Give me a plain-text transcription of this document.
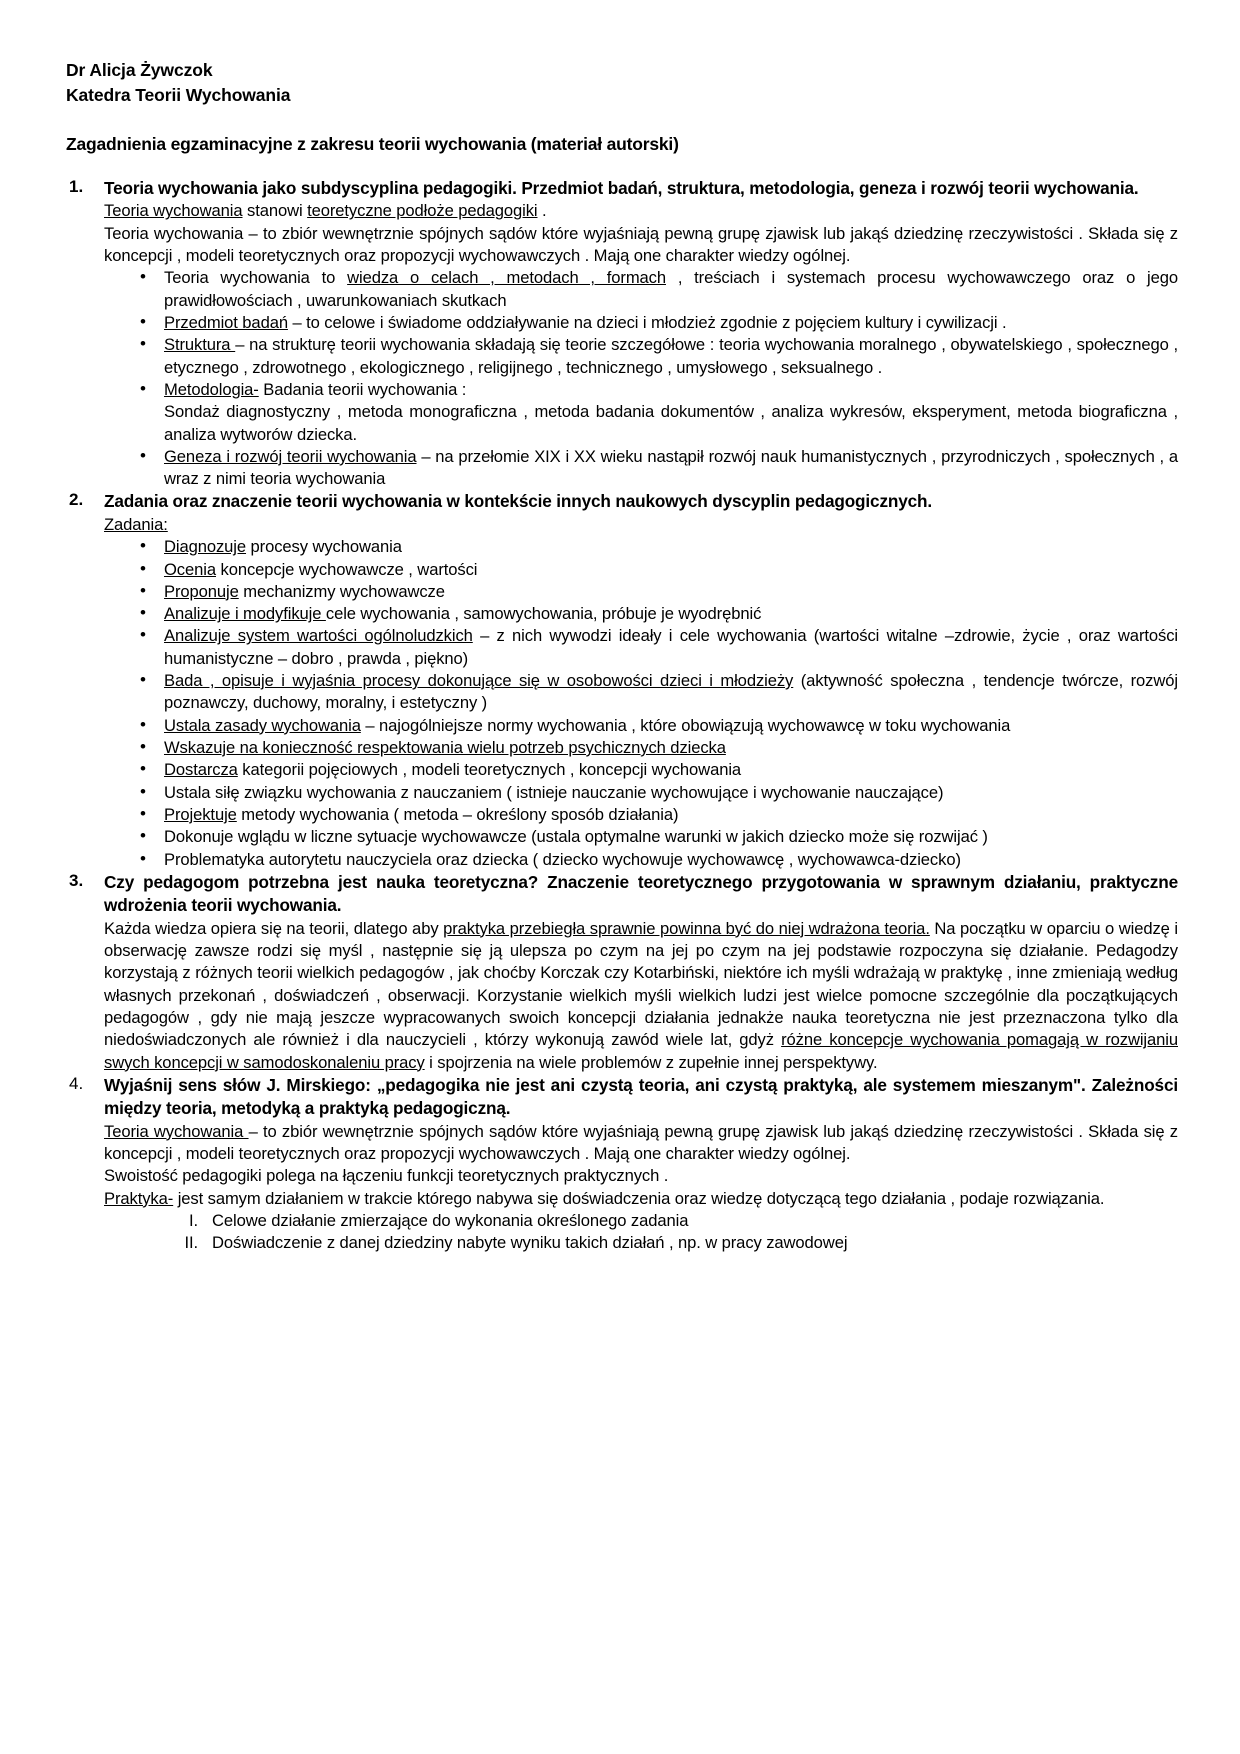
Dr Alicja Żywczok
Katedra Teorii Wychowania
Zagadnienia egzaminacyjne z zakresu teorii wychowania (materiał autorski)
1.	Teoria wychowania jako subdyscyplina pedagogiki. Przedmiot badań, struktura, metodologia, geneza i rozwój teorii wychowania.
Teoria wychowania stanowi teoretyczne podłoże pedagogiki .
Teoria wychowania – to zbiór wewnętrznie spójnych sądów które wyjaśniają pewną grupę zjawisk lub jakąś dziedzinę rzeczywistości . Składa się z koncepcji , modeli teoretycznych oraz propozycji wychowawczych . Mają one charakter wiedzy ogólnej.
• Teoria wychowania to wiedza o celach , metodach , formach , treściach i systemach procesu wychowawczego oraz o jego prawidłowościach , uwarunkowaniach skutkach
• Przedmiot badań – to celowe i świadome oddziaływanie na dzieci i młodzież zgodnie z pojęciem kultury i cywilizacji .
• Struktura – na strukturę teorii wychowania składają się teorie szczegółowe : teoria wychowania moralnego , obywatelskiego , społecznego , etycznego , zdrowotnego , ekologicznego , religijnego , technicznego , umysłowego , seksualnego .
• Metodologia- Badania teorii wychowania :
Sondaż diagnostyczny , metoda monograficzna , metoda badania dokumentów , analiza wykresów, eksperyment, metoda biograficzna , analiza wytworów dziecka.
• Geneza i rozwój teorii wychowania – na przełomie XIX i XX wieku nastąpił rozwój nauk humanistycznych , przyrodniczych , społecznych , a wraz z nimi teoria wychowania
2.	Zadania oraz znaczenie teorii wychowania w kontekście innych naukowych dyscyplin pedagogicznych.
Zadania:
• Diagnozuje procesy wychowania
• Ocenia koncepcje wychowawcze , wartości
• Proponuje mechanizmy wychowawcze
• Analizuje i modyfikuje cele wychowania , samowychowania, próbuje je wyodrębnić
• Analizuje system wartości ogólnoludzkich – z nich wywodzi ideały i cele wychowania (wartości witalne –zdrowie, życie , oraz wartości humanistyczne – dobro , prawda , piękno)
• Bada , opisuje i wyjaśnia procesy dokonujące się w osobowości dzieci i młodzieży (aktywność społeczna , tendencje twórcze, rozwój poznawczy, duchowy, moralny, i estetyczny )
• Ustala zasady wychowania – najogólniejsze normy wychowania , które obowiązują wychowawcę w toku wychowania
• Wskazuje na konieczność respektowania wielu potrzeb psychicznych dziecka
• Dostarcza kategorii pojęciowych , modeli teoretycznych , koncepcji wychowania
• Ustala siłę związku wychowania z nauczaniem ( istnieje nauczanie wychowujące i wychowanie nauczające)
• Projektuje metody wychowania ( metoda – określony sposób działania)
• Dokonuje wglądu w liczne sytuacje wychowawcze (ustala optymalne warunki w jakich dziecko może się rozwijać )
• Problematyka autorytetu nauczyciela oraz dziecka ( dziecko wychowuje wychowawcę , wychowawca-dziecko)
3.	Czy pedagogom potrzebna jest nauka teoretyczna? Znaczenie teoretycznego przygotowania w sprawnym działaniu, praktyczne wdrożenia teorii wychowania.
Każda wiedza opiera się na teorii, dlatego aby praktyka przebiegła sprawnie powinna być do niej wdrażona teoria. Na początku w oparciu o wiedzę i obserwację zawsze rodzi się myśl , następnie się ją ulepsza po czym na jej po czym na jej podstawie rozpoczyna się działanie. Pedagodzy korzystają z różnych teorii wielkich pedagogów , jak choćby Korczak czy Kotarbiński, niektóre ich myśli wdrażają w praktykę , inne zmieniają według własnych przekonań , doświadczeń , obserwacji. Korzystanie wielkich myśli wielkich ludzi jest wielce pomocne szczególnie dla początkujących pedagogów , gdy nie mają jeszcze wypracowanych swoich koncepcji działania jednakże nauka teoretyczna nie jest przeznaczona tylko dla niedoświadczonych ale również i dla nauczycieli , którzy wykonują zawód wiele lat, gdyż różne koncepcje wychowania pomagają w rozwijaniu swych koncepcji w samodoskonaleniu pracy i spojrzenia na wiele problemów z zupełnie innej perspektywy.
4.	Wyjaśnij sens słów J. Mirskiego: „pedagogika nie jest ani czystą teoria, ani czystą praktyką, ale systemem mieszanym". Zależności między teoria, metodyką a praktyką pedagogiczną.
Teoria wychowania – to zbiór wewnętrznie spójnych sądów które wyjaśniają pewną grupę zjawisk lub jakąś dziedzinę rzeczywistości . Składa się z koncepcji , modeli teoretycznych oraz propozycji wychowawczych . Mają one charakter wiedzy ogólnej.
Swoistość pedagogiki polega na łączeniu funkcji teoretycznych praktycznych .
Praktyka- jest samym działaniem w trakcie którego nabywa się doświadczenia oraz wiedzę dotyczącą tego działania , podaje rozwiązania.
I. Celowe działanie zmierzające do wykonania określonego zadania
II. Doświadczenie z danej dziedziny nabyte wyniku takich działań , np. w pracy zawodowej
